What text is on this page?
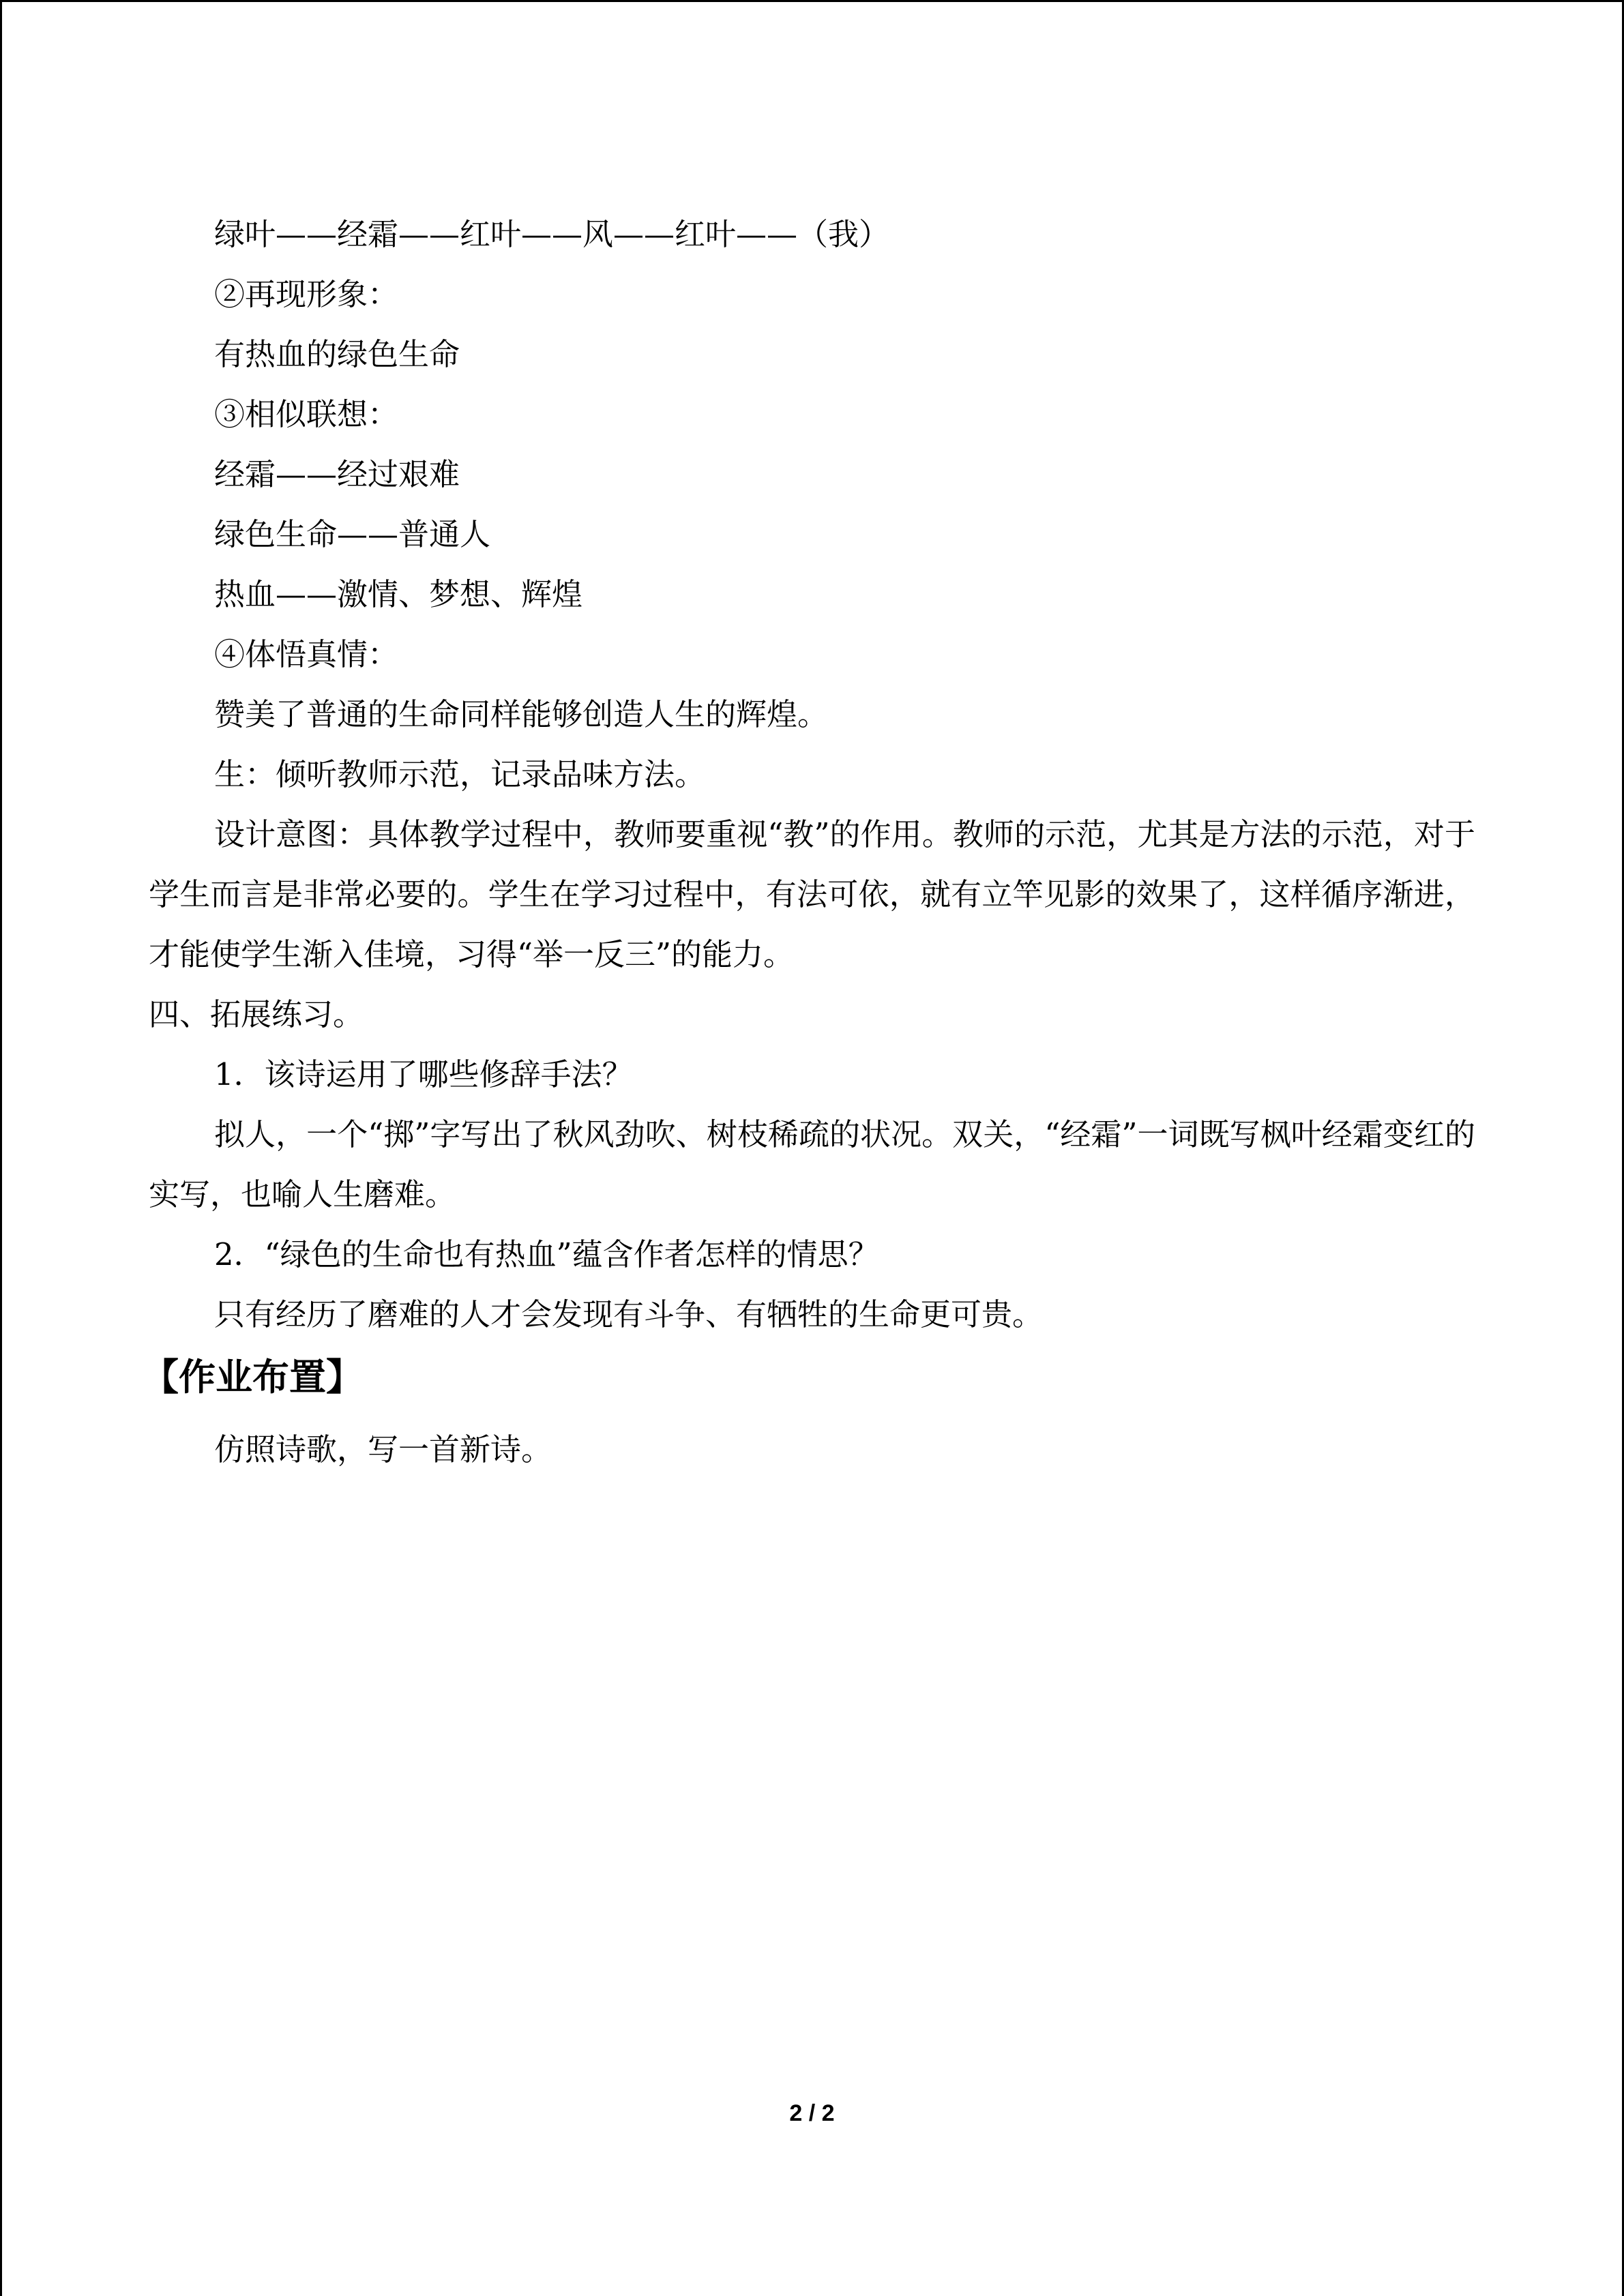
绿叶——经霜——红叶——风——红叶——（我）
②再现形象：
有热血的绿色生命
③相似联想：
经霜——经过艰难
绿色生命——普通人
热血——激情、梦想、辉煌
④体悟真情：
赞美了普通的生命同样能够创造人生的辉煌。
生：倾听教师示范，记录品味方法。

设计意图：具体教学过程中，教师要重视“教”的作用。教师的示范，尤其是方法的示范，对于学生而言是非常必要的。学生在学习过程中，有法可依，就有立竿见影的效果了，这样循序渐进，才能使学生渐入佳境，习得“举一反三”的能力。

四、拓展练习。
1．该诗运用了哪些修辞手法？

拟人，一个“掷”字写出了秋风劲吹、树枝稀疏的状况。双关，“经霜”一词既写枫叶经霜变红的实写，也喻人生磨难。

2．“绿色的生命也有热血”蕴含作者怎样的情思？
只有经历了磨难的人才会发现有斗争、有牺牲的生命更可贵。
【作业布置】
仿照诗歌，写一首新诗。
2 / 2
